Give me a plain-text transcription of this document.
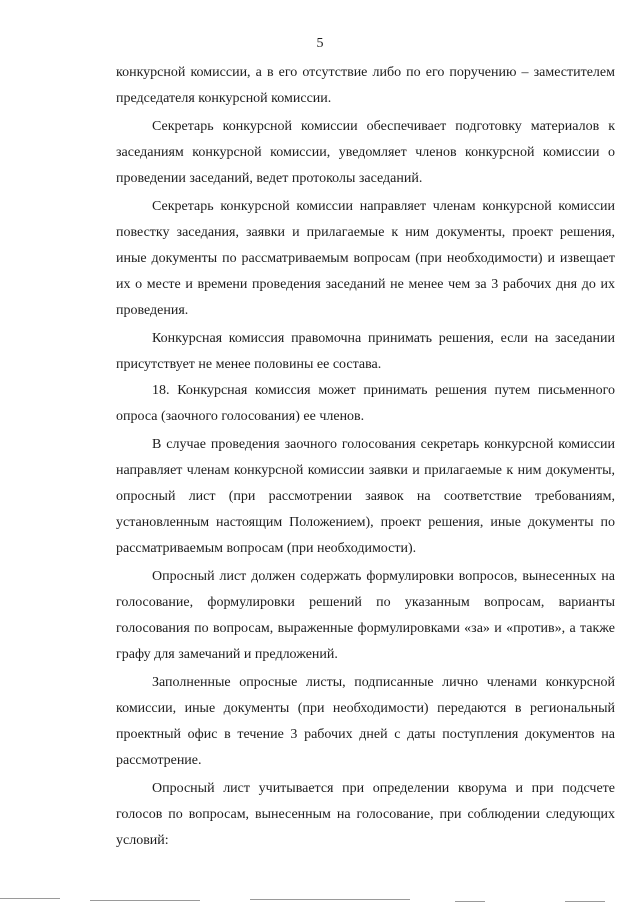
5

конкурсной комиссии, а в его отсутствие либо по его поручению – заместителем председателя конкурсной комиссии.

Секретарь конкурсной комиссии обеспечивает подготовку материалов к заседаниям конкурсной комиссии, уведомляет членов конкурсной комиссии о проведении заседаний, ведет протоколы заседаний.

Секретарь конкурсной комиссии направляет членам конкурсной комиссии повестку заседания, заявки и прилагаемые к ним документы, проект решения, иные документы по рассматриваемым вопросам (при необходимости) и извещает их о месте и времени проведения заседаний не менее чем за 3 рабочих дня до их проведения.

Конкурсная комиссия правомочна принимать решения, если на заседании присутствует не менее половины ее состава.

18. Конкурсная комиссия может принимать решения путем письменного опроса (заочного голосования) ее членов.

В случае проведения заочного голосования секретарь конкурсной комиссии направляет членам конкурсной комиссии заявки и прилагаемые к ним документы, опросный лист (при рассмотрении заявок на соответствие требованиям, установленным настоящим Положением), проект решения, иные документы по рассматриваемым вопросам (при необходимости).

Опросный лист должен содержать формулировки вопросов, вынесенных на голосование, формулировки решений по указанным вопросам, варианты голосования по вопросам, выраженные формулировками «за» и «против», а также графу для замечаний и предложений.

Заполненные опросные листы, подписанные лично членами конкурсной комиссии, иные документы (при необходимости) передаются в региональный проектный офис в течение 3 рабочих дней с даты поступления документов на рассмотрение.

Опросный лист учитывается при определении кворума и при подсчете голосов по вопросам, вынесенным на голосование, при соблюдении следующих условий:
